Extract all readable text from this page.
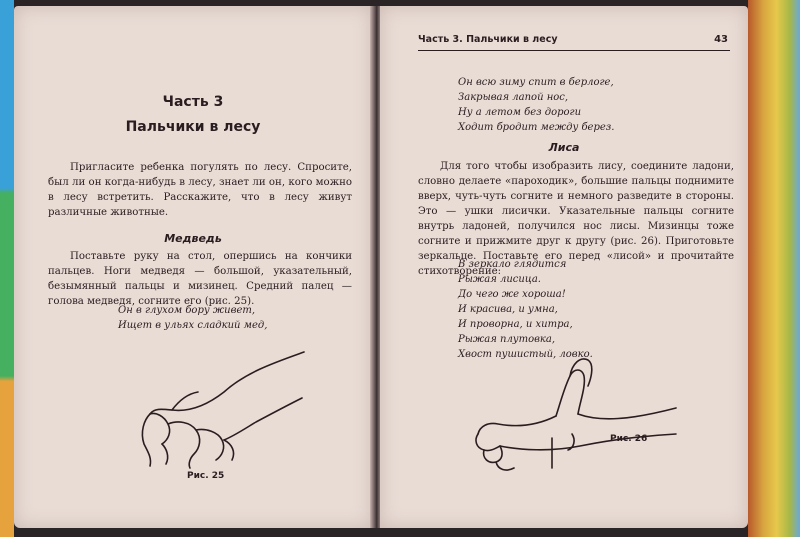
Часть 3
Пальчики в лесу

Пригласите ребенка погулять по лесу. Спросите, был ли он когда-нибудь в лесу, знает ли он, кого можно в лесу встретить. Расскажите, что в лесу живут различные животные.

Медведь

Поставьте руку на стол, опершись на кончики пальцев. Ноги медведя — большой, указательный, безымянный пальцы и мизинец. Средний палец — голова медведя, согните его (рис. 25).

Он в глухом бору живет,
Ищет в ульях сладкий мед,
Рис. 25
Часть 3. Пальчики в лесу	43
Он всю зиму спит в берлоге,
Закрывая лапой нос,
Ну а летом без дороги
Ходит бродит между берез.
Лиса

Для того чтобы изобразить лису, соедините ладони, словно делаете «пароходик», большие пальцы поднимите вверх, чуть-чуть согните и немного разведите в стороны. Это — ушки лисички. Указательные пальцы согните внутрь ладоней, получился нос лисы. Мизинцы тоже согните и прижмите друг к другу (рис. 26). Приготовьте зеркальце. Поставьте его перед «лисой» и прочитайте стихотворение:

В зеркало глядится
Рыжая лисица.
До чего же хороша!
И красива, и умна,
И проворна, и хитра,
Рыжая плутовка,
Хвост пушистый, ловко.
Рис. 26
